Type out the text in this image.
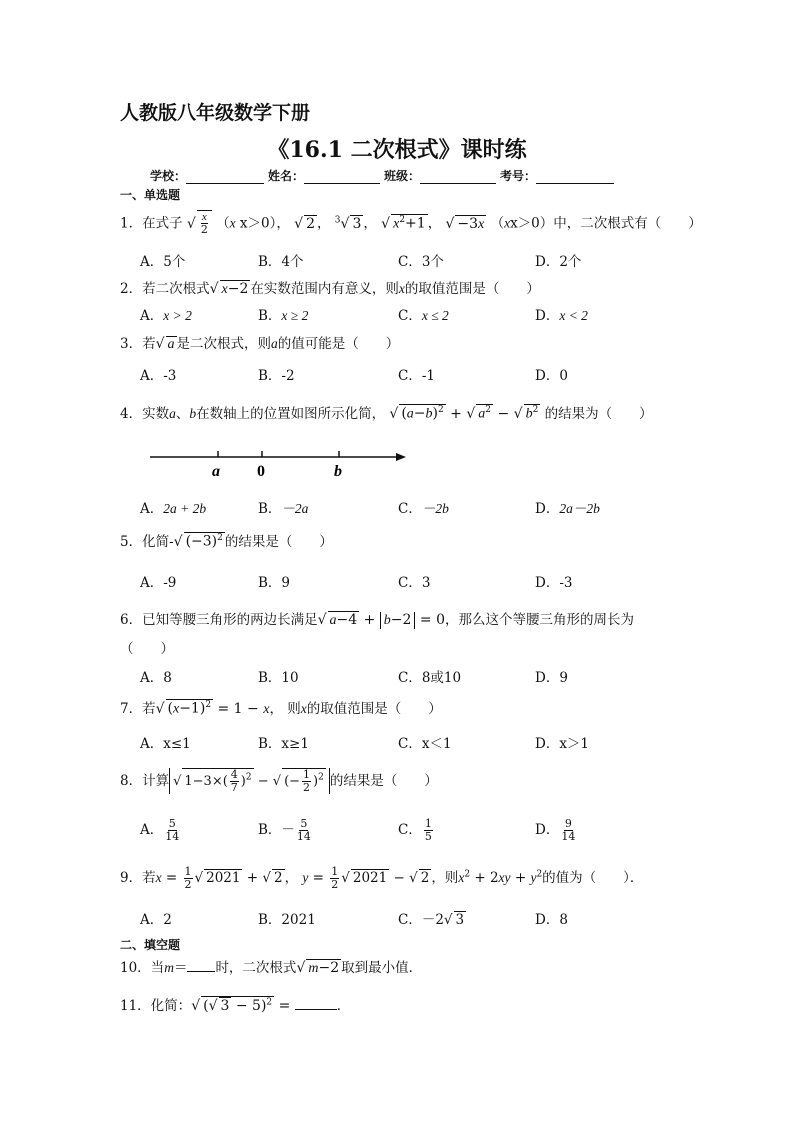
人教版八年级数学下册
《16.1 二次根式》课时练
学校：	姓名：	班级：	考号：
一、单选题
1．在式子 √ $\frac{x}{2} (x$ x＞0）， √ 2 ， $^3$√ 3 ， √ $x^2+1$ ， √ −3x （xx＞0）中，二次根式有（　　）
A．5个	B．4个	C．3个	D．2个
2．若二次根式√ x−2 在实数范围内有意义，则x的取值范围是（　　）
A．x > 2	B．x ≥ 2	C．x ≤ 2	D．x < 2
3．若√ a 是二次根式，则a的值可能是（　　）
A．-3	B．-2	C．-1	D．0
4．实数a、b在数轴上的位置如图所示化简， √ $(a-b)^2$ + √ $a^2$ − √ $b^2$ 的结果为（　　）
a 0	b
A．2a + 2b	B．－2a	C．－2b	D．2a－2b
5．化简-√ $(-3)^2$ 的结果是（　　）
A．-9	B．9	C．3	D．-3
6．已知等腰三角形的两边长满足√ a−4 + b−2 = 0，那么这个等腰三角形的周长为
（　　）
A．8	B．10	C．8或10	D．9
7．若√ $(x-1)^2 = 1 - x$， 则x的取值范围是（　　）
A．x≤1	B．x≥1	C．x＜1	D．x＞1
8．计算 √ $1-3\times( \frac{4}{7} )^2$ − √ (− $\frac{1}{2} )^2$ 的结果是（　　）
A． $\frac{5}{14}$	B．－ $\frac{5}{14}$	C． $\frac{1}{5}$	D． $\frac{9}{14}$
9．若$x = \frac{1}{2}$ √ 2021 + √ 2 ， $y = \frac{1}{2}$ √ 2021 − √ 2 ，则$x^2 + 2xy + y^2$的值为（　　）．
A．2	B．2021	C．－2√ 3	D．8
二、填空题
10．当m＝ 时，二次根式√ m−2 取到最小值．
11．化简：√ (√ 3 − 5)$^2$ =	．
